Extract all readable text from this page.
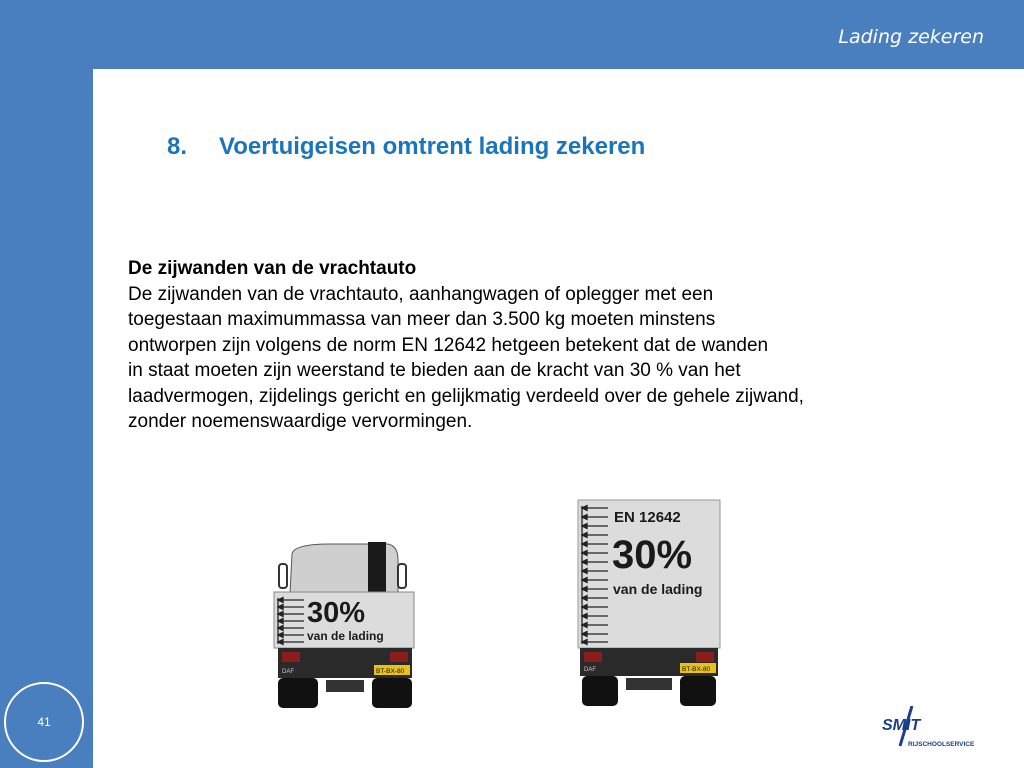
Lading zekeren
8. Voertuigeisen omtrent lading zekeren
De zijwanden van de vrachtauto
De zijwanden van de vrachtauto, aanhangwagen of oplegger met een
toegestaan maximummassa van meer dan 3.500 kg moeten minstens
ontworpen zijn volgens de norm EN 12642 hetgeen betekent dat de wanden
in staat moeten zijn weerstand te bieden aan de kracht van 30 % van het
laadvermogen, zijdelings gericht en gelijkmatig verdeeld over de gehele zijwand,
zonder noemenswaardige vervormingen.
30%
van de lading
DAF	BT-BX-80
EN 12642
30%
van de lading
DAF	BT-BX-80
SMIT
RIJSCHOOLSERVICE
41
